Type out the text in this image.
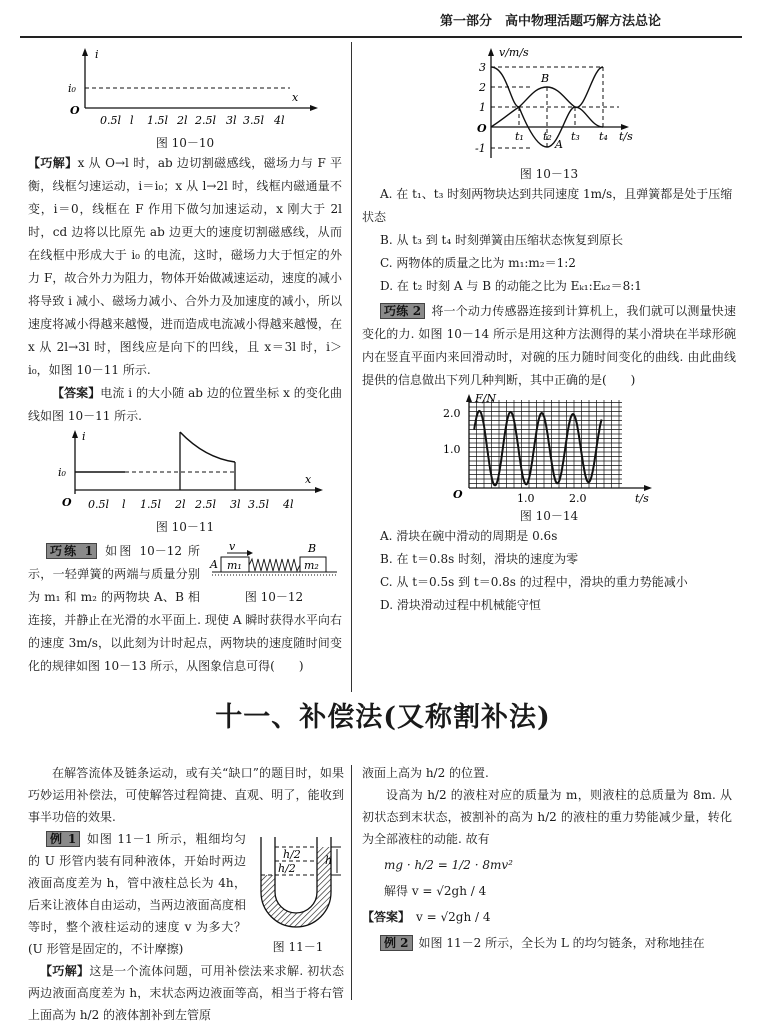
第一部分　高中物理活题巧解方法总论
i
i₀
O
x
0.5l l 1.5l 2l 2.5l 3l 3.5l 4l
图 10－10
【巧解】x 从 O→l 时，ab 边切割磁感线，磁场力与 F 平衡，线框匀速运动，i＝i₀；x 从 l→2l 时，线框内磁通量不变，i＝0，线框在 F 作用下做匀加速运动，x 刚大于 2l 时，cd 边将以比原先 ab 边更大的速度切割磁感线，从而在线框中形成大于 i₀ 的电流，这时，磁场力大于恒定的外力 F，故合外力为阻力，物体开始做减速运动，速度的减小将导致 i 减小、磁场力减小、合外力及加速度的减小，所以速度将减小得越来越慢，进而造成电流减小得越来越慢，在 x 从 2l→3l 时，图线应是向下的凹线，且 x＝3l 时，i＞i₀，如图 10－11 所示.
【答案】电流 i 的大小随 ab 边的位置坐标 x 的变化曲线如图 10－11 所示.
i
i₀
O
x
0.5l l 1.5l 2l 2.5l 3l 3.5l 4l
图 10－11
v
A m₁
B
m₂
图 10－12
巧练 1 如图 10－12 所示，一轻弹簧的两端与质量分别为 m₁ 和 m₂ 的两物块 A、B 相连接，并静止在光滑的水平面上. 现使 A 瞬时获得水平向右的速度 3m/s，以此刻为计时起点，两物块的速度随时间变化的规律如图 10－13 所示，从图象信息可得(　　)
v/m/s
3
2
1
-1
O
t₁ t₂ t₃ t₄ t/s
B
A
图 10－13
A. 在 t₁、t₃ 时刻两物块达到共同速度 1m/s，且弹簧都是处于压缩状态
B. 从 t₃ 到 t₄ 时刻弹簧由压缩状态恢复到原长
C. 两物体的质量之比为 m₁:m₂＝1:2
D. 在 t₂ 时刻 A 与 B 的动能之比为 Eₖ₁:Eₖ₂＝8:1
巧练 2 将一个动力传感器连接到计算机上，我们就可以测量快速变化的力. 如图 10－14 所示是用这种方法测得的某小滑块在半球形碗内在竖直平面内来回滑动时，对碗的压力随时间变化的曲线. 由此曲线提供的信息做出下列几种判断，其中正确的是(　　)
F/N
2.0
1.0
O	1.0	2.0	t/s
图 10－14
A. 滑块在碗中滑动的周期是 0.6s
B. 在 t＝0.8s 时刻，滑块的速度为零
C. 从 t＝0.5s 到 t＝0.8s 的过程中，滑块的重力势能减小
D. 滑块滑动过程中机械能守恒
十一、补偿法(又称割补法)
在解答流体及链条运动，或有关“缺口”的题目时，如果巧妙运用补偿法，可使解答过程简捷、直观、明了，能收到事半功倍的效果.
h/2
h/2
h
图 11－1
例 1 如图 11－1 所示，粗细均匀的 U 形管内装有同种液体，开始时两边液面高度差为 h，管中液柱总长为 4h，后来让液体自由运动，当两边液面高度相等时，整个液柱运动的速度 v 为多大？(U 形管是固定的，不计摩擦)
【巧解】这是一个流体问题，可用补偿法来求解. 初状态两边液面高度差为 h，末状态两边液面等高，相当于将右管上面高为 h/2 的液体割补到左管原
液面上高为 h/2 的位置.
设高为 h/2 的液柱对应的质量为 m，则液柱的总质量为 8m. 从初状态到末状态，被割补的高为 h/2 的液柱的重力势能减少量，转化为全部液柱的动能. 故有
mg · h/2 = 1/2 · 8mv²
解得 v = √2gh / 4
【答案】　 v = √2gh / 4
例 2 如图 11－2 所示，全长为 L 的均匀链条，对称地挂在
